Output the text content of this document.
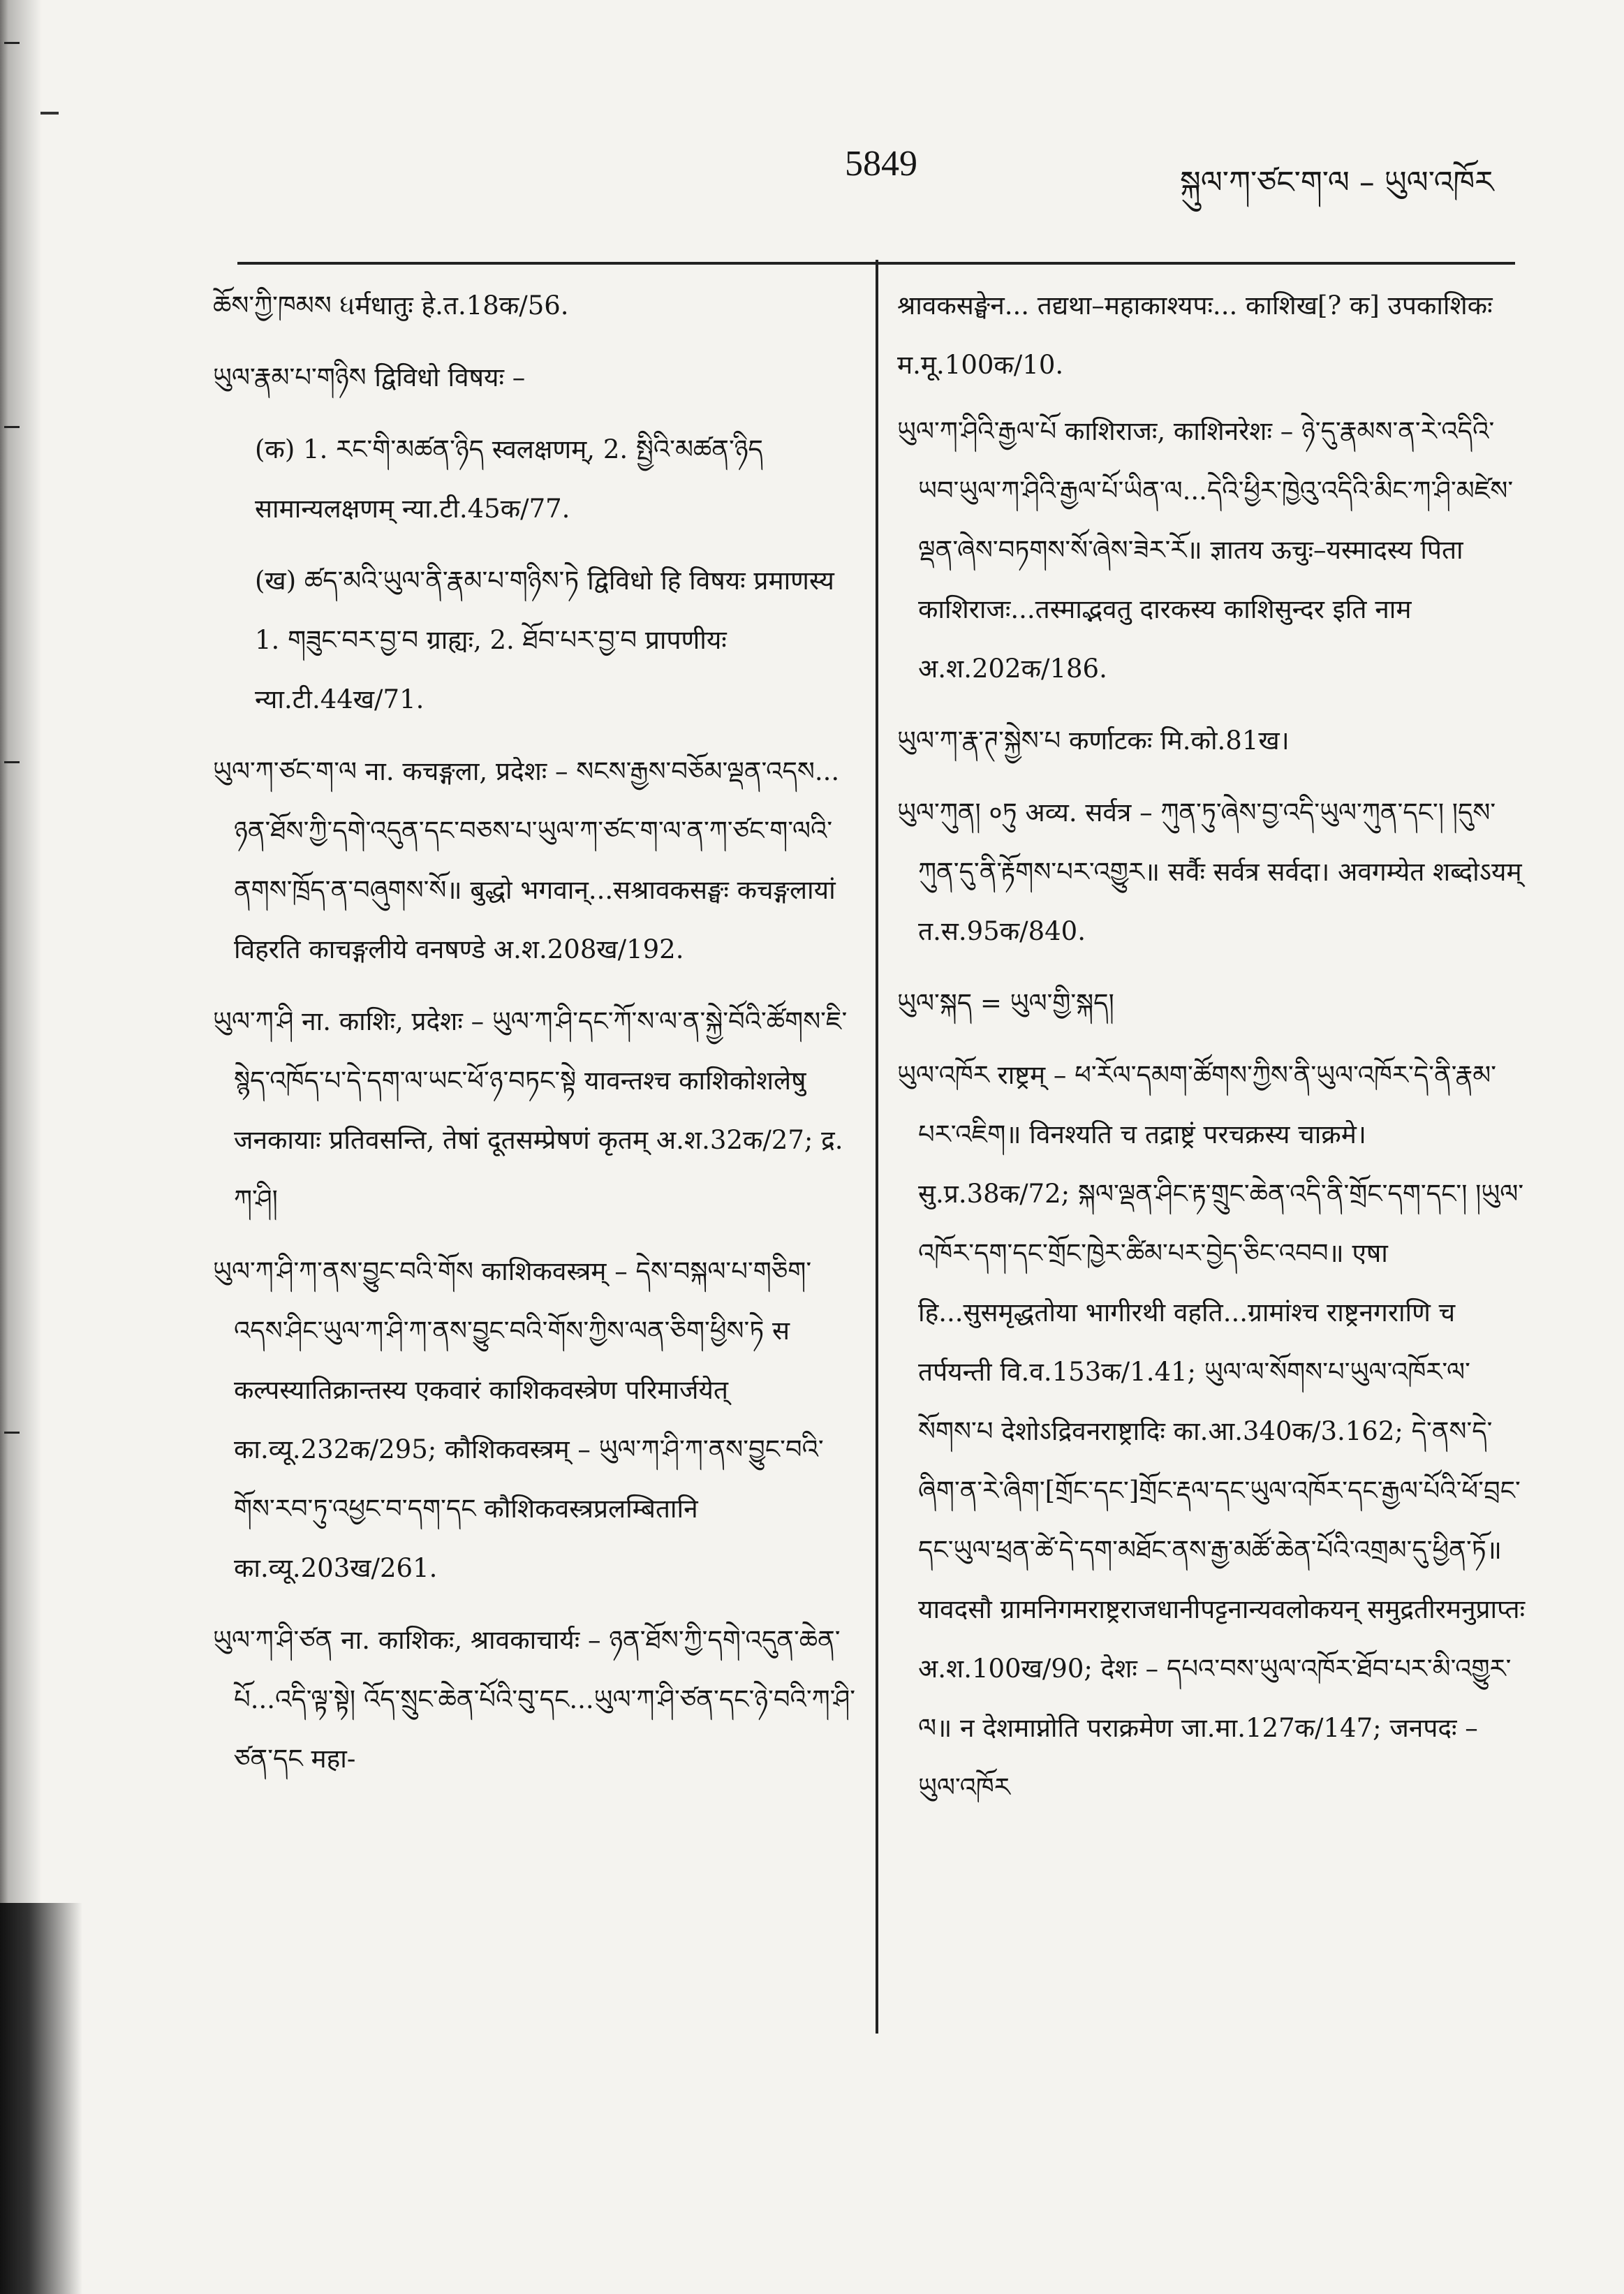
5849	སྐུལ་ཀ་ཙང་ག་ལ – ཡུལ་འཁོར

ཆོས་ཀྱི་ཁམས ધर्मधातुः हे.त.18क/56.

ཡུལ་རྣམ་པ་གཉིས द्विविधो विषयः –

(क) 1. རང་གི་མཚན་ཉིད स्वलक्षणम्, 2. སྤྱིའི་མཚན་ཉིད सामान्यलक्षणम् न्या.टी.45क/77.

(ख) ཚད་མའི་ཡུལ་ནི་རྣམ་པ་གཉིས་ཏེ द्विविधो हि विषयः प्रमाणस्य 1. གཟུང་བར་བྱ་བ ग्राह्यः, 2. ཐོབ་པར་བྱ་བ प्रापणीयः न्या.टी.44ख/71.

ཡུལ་ཀ་ཙང་ག་ལ ना. कचङ्गला, प्रदेशः – སངས་རྒྱས་བཅོམ་ལྡན་འདས... ཉན་ཐོས་ཀྱི་དགེ་འདུན་དང་བཅས་པ་ཡུལ་ཀ་ཙང་ག་ལ་ན་ཀ་ཙང་ག་ལའི་ནགས་ཁྲོད་ན་བཞུགས་སོ॥ बुद्धो भगवान्...सश्रावकसङ्घः कचङ्गलायां विहरति काचङ्गलीये वनषण्डे अ.श.208ख/192.

ཡུལ་ཀ་ཤི ना. काशिः, प्रदेशः – ཡུལ་ཀ་ཤི་དང་ཀོ་ས་ལ་ན་སྐྱེ་བོའི་ཚོགས་ཇི་སྙེད་འཁོད་པ་དེ་དག་ལ་ཡང་ཕོ་ཉ་བཏང་སྟེ यावन्तश्च काशिकोशलेषु जनकायाः प्रतिवसन्ति, तेषां दूतसम्प्रेषणं कृतम् अ.श.32क/27; द्र. ཀ་ཤི།

ཡུལ་ཀ་ཤི་ཀ་ནས་བྱུང་བའི་གོས काशिकवस्त्रम् – དེས་བསྐལ་པ་གཅིག་འདས་ཤིང་ཡུལ་ཀ་ཤི་ཀ་ནས་བྱུང་བའི་གོས་ཀྱིས་ལན་ཅིག་ཕྱིས་ཏེ स कल्पस्यातिक्रान्तस्य एकवारं काशिकवस्त्रेण परिमार्जयेत् का.व्यू.232क/295; कौशिकवस्त्रम् – ཡུལ་ཀ་ཤི་ཀ་ནས་བྱུང་བའི་གོས་རབ་ཏུ་འཕྱང་བ་དག་དང कौशिकवस्त्रप्रलम्बितानि का.व्यू.203ख/261.

ཡུལ་ཀ་ཤི་ཙན ना. काशिकः, श्रावकाचार्यः – ཉན་ཐོས་ཀྱི་དགེ་འདུན་ཆེན་པོ...འདི་ལྟ་སྟེ། འོད་སྲུང་ཆེན་པོའི་བུ་དང...ཡུལ་ཀ་ཤི་ཙན་དང་ཉེ་བའི་ཀ་ཤི་ཙན་དང महा-

श्रावकसङ्घेन... तद्यथा–महाकाश्यपः... काशिख[? क] उपकाशिकः म.मू.100क/10.

ཡུལ་ཀ་ཤིའི་རྒྱལ་པོ काशिराजः, काशिनरेशः – ཉེ་དུ་རྣམས་ན་རེ་འདིའི་ཡབ་ཡུལ་ཀ་ཤིའི་རྒྱལ་པོ་ཡིན་ལ...དེའི་ཕྱིར་ཁྱེའུ་འདིའི་མིང་ཀ་ཤི་མཛེས་ལྡན་ཞེས་བཏགས་སོ་ཞེས་ཟེར་རོ॥ ज्ञातय ऊचुः–यस्मादस्य पिता काशिराजः...तस्माद्भवतु दारकस्य काशिसुन्दर इति नाम अ.श.202क/186.

ཡུལ་ཀ་རྣ་ཊ་སྐྱེས་པ कर्णाटकः मि.को.81ख।

ཡུལ་ཀུན། ०ཏུ अव्य. सर्वत्र – ཀུན་ཏུ་ཞེས་བྱ་འདི་ཡུལ་ཀུན་དང་། །དུས་ཀུན་དུ་ནི་རྟོགས་པར་འགྱུར॥ सर्वैः सर्वत्र सर्वदा। अवगम्येत शब्दोऽयम् त.स.95क/840.

ཡུལ་སྐད = ཡུལ་གྱི་སྐད།

ཡུལ་འཁོར राष्ट्रम् – ཕ་རོལ་དམག་ཚོགས་ཀྱིས་ནི་ཡུལ་འཁོར་དེ་ནི་རྣམ་པར་འཇིག॥ विनश्यति च तद्राष्ट्रं परचक्रस्य चाक्रमे। सु.प्र.38क/72; སྐལ་ལྡན་ཤིང་རྟ་གྲུང་ཆེན་འདི་ནི་གྲོང་དག་དང་། །ཡུལ་འཁོར་དག་དང་གྲོང་ཁྱེར་ཚིམ་པར་བྱེད་ཅིང་འབབ॥ एषा हि...सुसमृद्धतोया भागीरथी वहति...ग्रामांश्च राष्ट्रनगराणि च तर्पयन्ती वि.व.153क/1.41; ཡུལ་ལ་སོགས་པ་ཡུལ་འཁོར་ལ་སོགས་པ देशोऽद्रिवनराष्ट्रादिः का.आ.340क/3.162; དེ་ནས་དེ་ཞིག་ན་རེ་ཞིག་[གྲོང་དང་]གྲོང་རྡལ་དང་ཡུལ་འཁོར་དང་རྒྱལ་པོའི་ཕོ་བྲང་དང་ཡུལ་ཕྲན་ཚེ་དེ་དག་མཐོང་ནས་རྒྱ་མཚོ་ཆེན་པོའི་འགྲམ་དུ་ཕྱིན་ཏོ॥ यावदसौ ग्रामनिगमराष्ट्रराजधानीपट्टनान्यवलोकयन् समुद्रतीरमनुप्राप्तः अ.श.100ख/90; देशः – དཔའ་བས་ཡུལ་འཁོར་ཐོབ་པར་མི་འགྱུར་ལ॥ न देशमाप्नोति पराक्रमेण जा.मा.127क/147; जनपदः – ཡུལ་འཁོར
